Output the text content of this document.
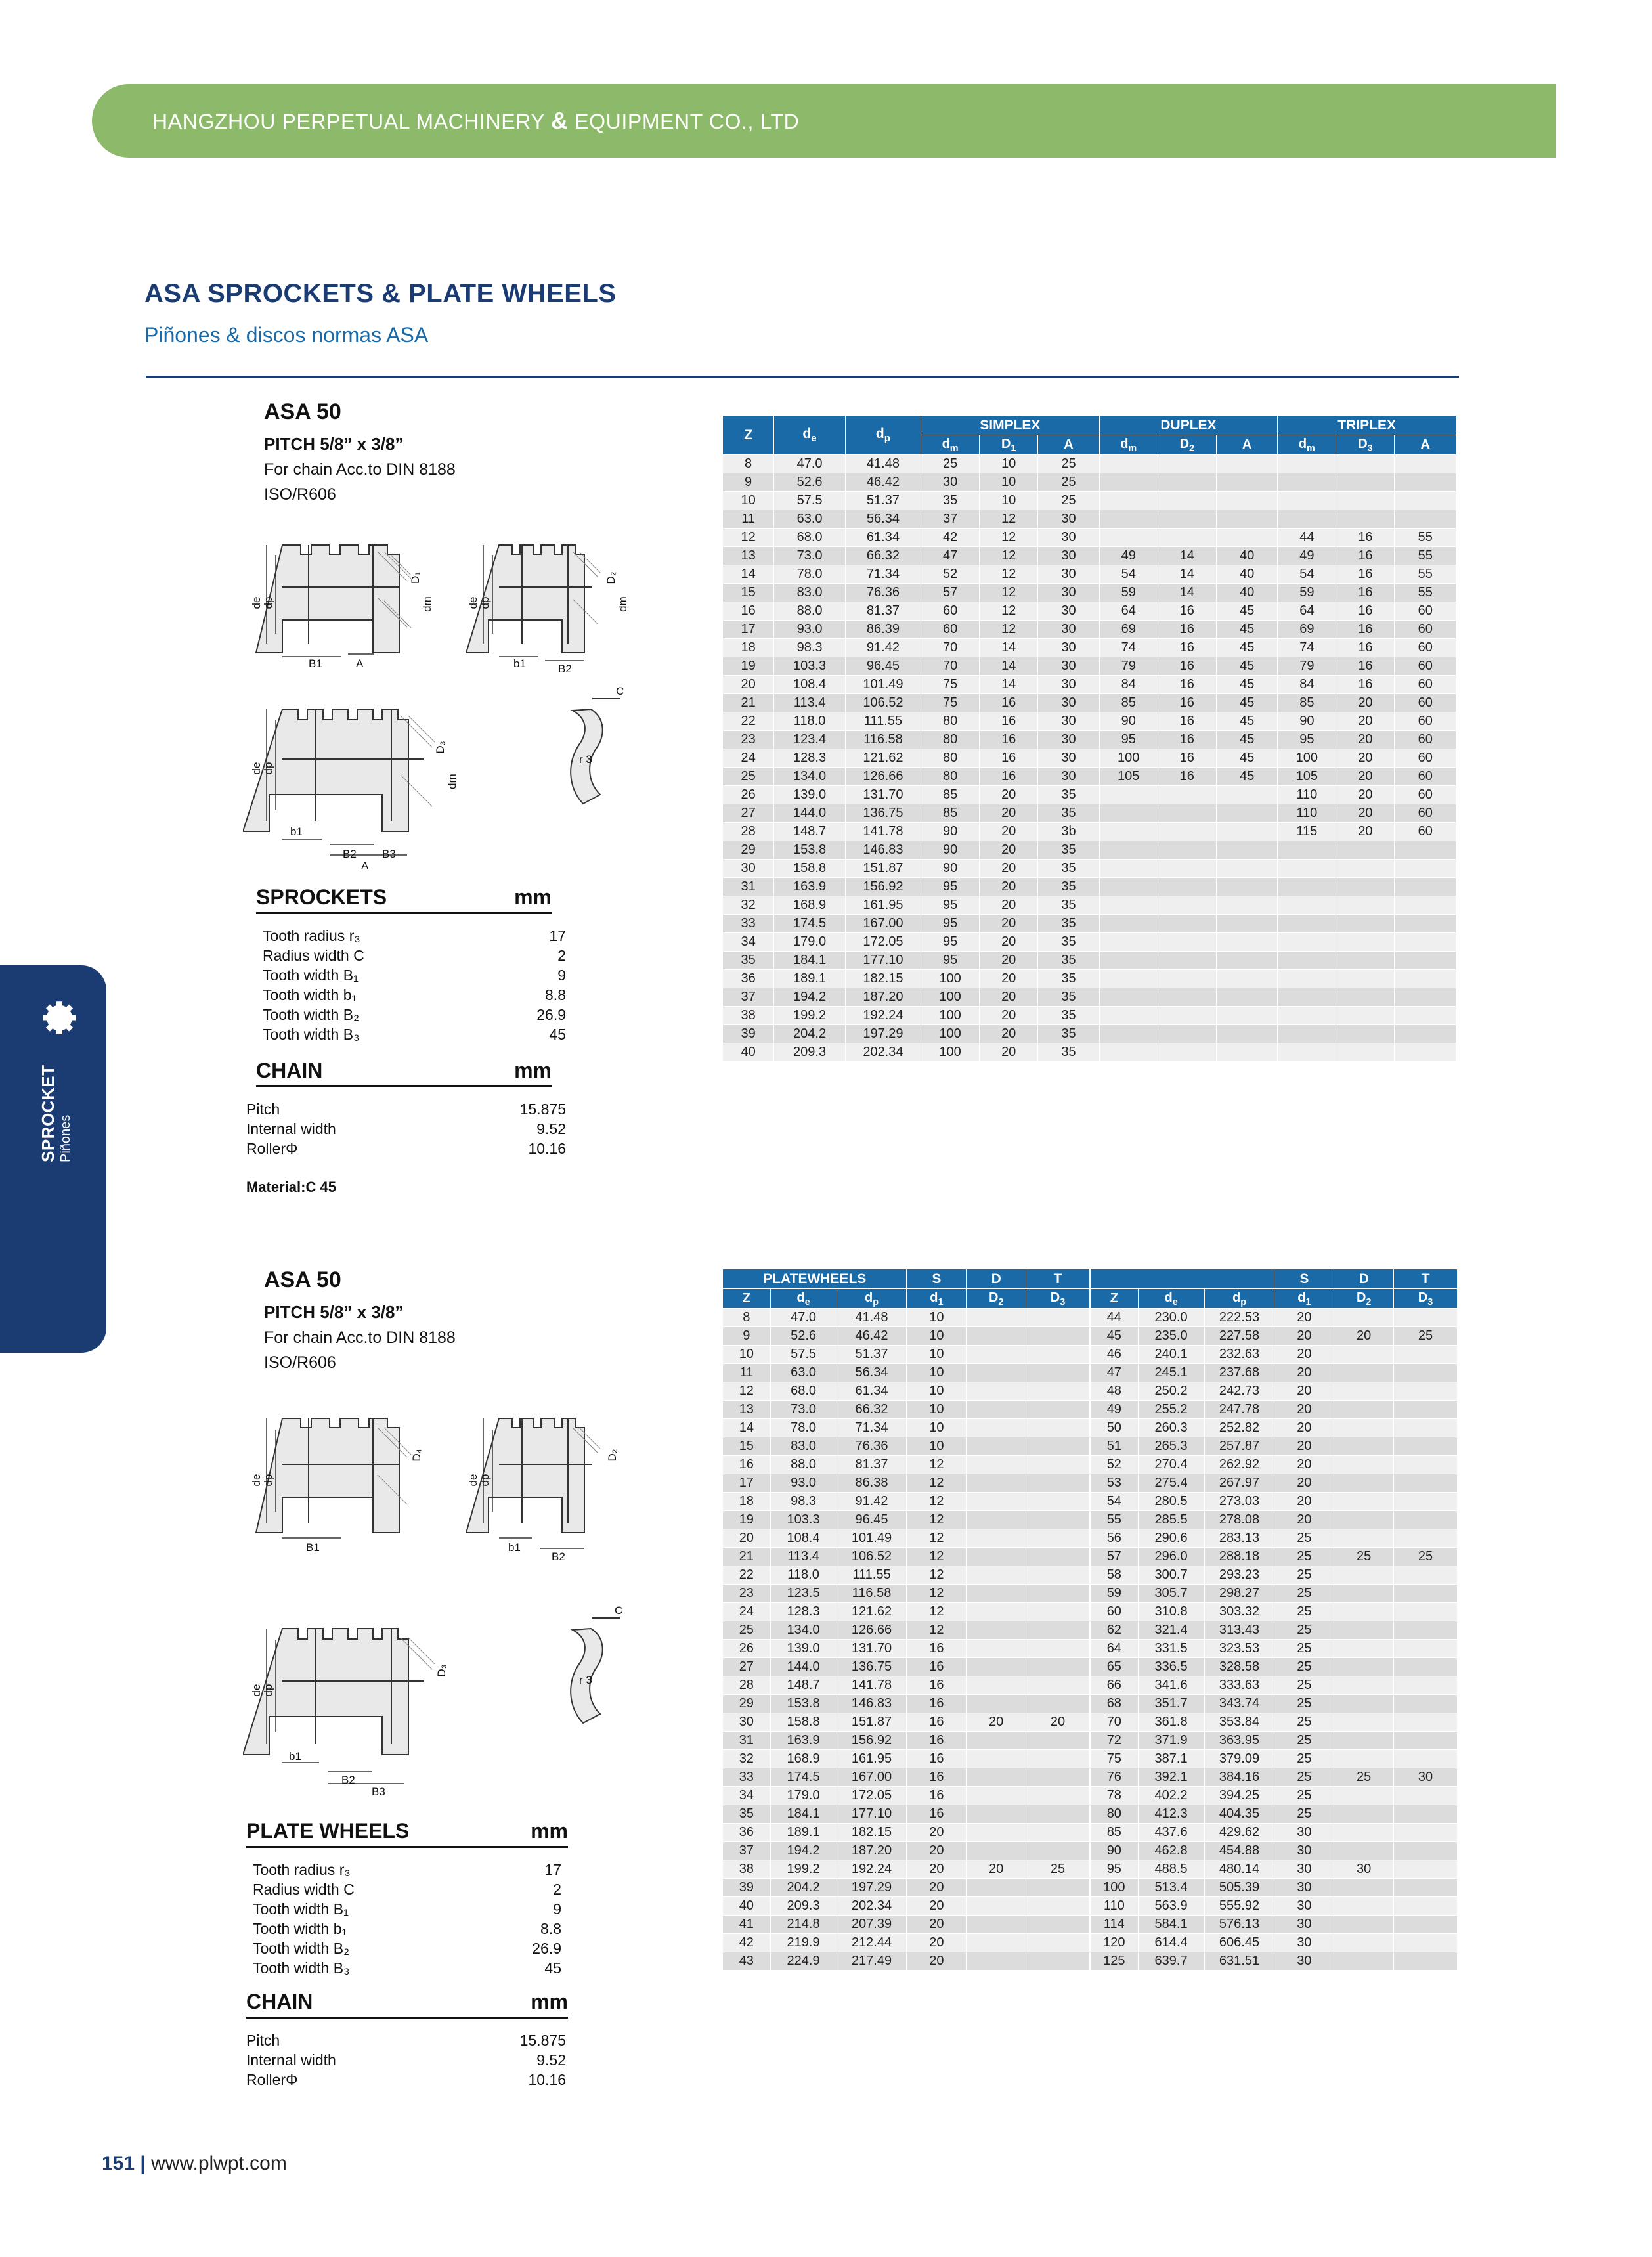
HANGZHOU PERPETUAL MACHINERY & EQUIPMENT CO., LTD
ASA SPROCKETS & PLATE WHEELS
Piñones & discos normas ASA
SPROCKET Piñones
ASA 50
PITCH 5/8” x 3/8”
For chain Acc.to DIN 8188
ISO/R606
de dp
D₁
dm
B1	A
de dp
D₂
dm
b1	B2
de dp
D₃
dm
b1
B2 B3
A
C
r 3
SPROCKETS	mm
Tooth radius r₃	17
Radius width C	2
Tooth width B₁	9
Tooth width b₁	8.8
Tooth width B₂	26.9
Tooth width B₃	45
CHAIN	mm
Pitch	15.875
Internal width	9.52
RollerΦ	10.16
Material:C 45
ASA 50
PITCH 5/8” x 3/8”
For chain Acc.to DIN 8188
ISO/R606
de dp
D₄
B1
de dp
D₂
b1
B2
de dp
D₃
b1
B2
B3
C
r 3
PLATE WHEELS	mm
Tooth radius r₃	17
Radius width C	2
Tooth width B₁	9
Tooth width b₁	8.8
Tooth width B₂	26.9
Tooth width B₃	45
CHAIN	mm
Pitch	15.875
Internal width	9.52
RollerΦ	10.16
Z	$d_e$	$d_p$	SIMPLEX			DUPLEX			TRIPLEX		
			$d_m$	$D_1$	A	$d_m$	$D_2$	A	$d_m$	$D_3$	A
8	47.0	41.48	25	10	25						
9	52.6	46.42	30	10	25						
10	57.5	51.37	35	10	25						
11	63.0	56.34	37	12	30						
12	68.0	61.34	42	12	30				44	16	55
13	73.0	66.32	47	12	30	49	14	40	49	16	55
14	78.0	71.34	52	12	30	54	14	40	54	16	55
15	83.0	76.36	57	12	30	59	14	40	59	16	55
16	88.0	81.37	60	12	30	64	16	45	64	16	60
17	93.0	86.39	60	12	30	69	16	45	69	16	60
18	98.3	91.42	70	14	30	74	16	45	74	16	60
19	103.3	96.45	70	14	30	79	16	45	79	16	60
20	108.4	101.49	75	14	30	84	16	45	84	16	60
21	113.4	106.52	75	16	30	85	16	45	85	20	60
22	118.0	111.55	80	16	30	90	16	45	90	20	60
23	123.4	116.58	80	16	30	95	16	45	95	20	60
24	128.3	121.62	80	16	30	100	16	45	100	20	60
25	134.0	126.66	80	16	30	105	16	45	105	20	60
26	139.0	131.70	85	20	35				110	20	60
27	144.0	136.75	85	20	35				110	20	60
28	148.7	141.78	90	20	3b				115	20	60
29	153.8	146.83	90	20	35						
30	158.8	151.87	90	20	35						
31	163.9	156.92	95	20	35						
32	168.9	161.95	95	20	35						
33	174.5	167.00	95	20	35						
34	179.0	172.05	95	20	35						
35	184.1	177.10	95	20	35						
36	189.1	182.15	100	20	35						
37	194.2	187.20	100	20	35						
38	199.2	192.24	100	20	35						
39	204.2	197.29	100	20	35						
40	209.3	202.34	100	20	35						
PLATEWHEELS			S	D	T
Z	$d_e$	$d_p$	$d_1$	$D_2$	$D_3$
8	47.0	41.48	10		
9	52.6	46.42	10		
10	57.5	51.37	10		
11	63.0	56.34	10		
12	68.0	61.34	10		
13	73.0	66.32	10		
14	78.0	71.34	10		
15	83.0	76.36	10		
16	88.0	81.37	12		
17	93.0	86.38	12		
18	98.3	91.42	12		
19	103.3	96.45	12		
20	108.4	101.49	12		
21	113.4	106.52	12		
22	118.0	111.55	12		
23	123.5	116.58	12		
24	128.3	121.62	12		
25	134.0	126.66	12		
26	139.0	131.70	16		
27	144.0	136.75	16		
28	148.7	141.78	16		
29	153.8	146.83	16		
30	158.8	151.87	16	20	20
31	163.9	156.92	16		
32	168.9	161.95	16		
33	174.5	167.00	16		
34	179.0	172.05	16		
35	184.1	177.10	16		
36	189.1	182.15	20		
37	194.2	187.20	20		
38	199.2	192.24	20	20	25
39	204.2	197.29	20		
40	209.3	202.34	20		
41	214.8	207.39	20		
42	219.9	212.44	20		
43	224.9	217.49	20		
			S	D	T
Z	$d_e$	$d_p$	$d_1$	$D_2$	$D_3$
44	230.0	222.53	20		
45	235.0	227.58	20	20	25
46	240.1	232.63	20		
47	245.1	237.68	20		
48	250.2	242.73	20		
49	255.2	247.78	20		
50	260.3	252.82	20		
51	265.3	257.87	20		
52	270.4	262.92	20		
53	275.4	267.97	20		
54	280.5	273.03	20		
55	285.5	278.08	20		
56	290.6	283.13	25		
57	296.0	288.18	25	25	25
58	300.7	293.23	25		
59	305.7	298.27	25		
60	310.8	303.32	25		
62	321.4	313.43	25		
64	331.5	323.53	25		
65	336.5	328.58	25		
66	341.6	333.63	25		
68	351.7	343.74	25		
70	361.8	353.84	25		
72	371.9	363.95	25		
75	387.1	379.09	25		
76	392.1	384.16	25	25	30
78	402.2	394.25	25		
80	412.3	404.35	25		
85	437.6	429.62	30		
90	462.8	454.88	30		
95	488.5	480.14	30	30	
100	513.4	505.39	30		
110	563.9	555.92	30		
114	584.1	576.13	30		
120	614.4	606.45	30		
125	639.7	631.51	30		
151 | www.plwpt.com
